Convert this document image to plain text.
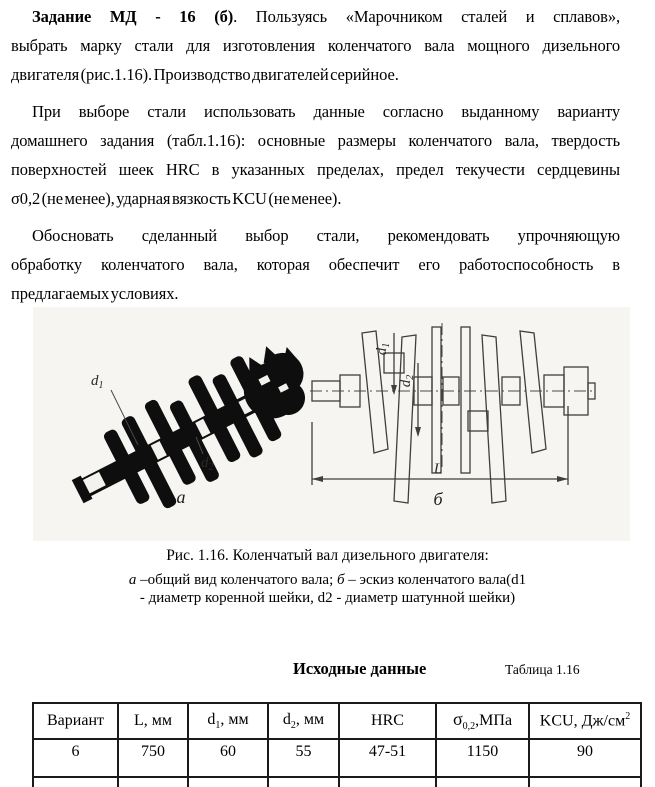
Задание МД - 16 (б). Пользуясь «Марочником сталей и сплавов»,
выбрать марку стали для изготовления коленчатого вала мощного дизельного
двигателя (рис.1.16). Производство двигателей серийное.
При выборе стали использовать данные согласно выданному варианту
домашнего задания (табл.1.16): основные размеры коленчатого вала, твердость
поверхностей шеек HRC в указанных пределах, предел текучести сердцевины
σ0,2 (не менее), ударная вязкость KCU (не менее).
Обосновать сделанный выбор стали, рекомендовать упрочняющую
обработку коленчатого вала, которая обеспечит его работоспособность в
предлагаемых условиях.
$d_1$
$d_2$
а
$d_1$
$d_2$
L
б
Рис. 1.16. Коленчатый вал дизельного двигателя:
а –общий вид коленчатого вала; б – эскиз коленчатого вала(d1
- диаметр коренной шейки, d2 - диаметр шатунной шейки)
Исходные данные	Таблица 1.16
Вариант	L, мм	$d_1$, мм	$d_2$, мм	HRC	$\sigma_{0,2},МПа$	KCU, $Дж/см^2$
6	750	60	55	47-51	1150	90
